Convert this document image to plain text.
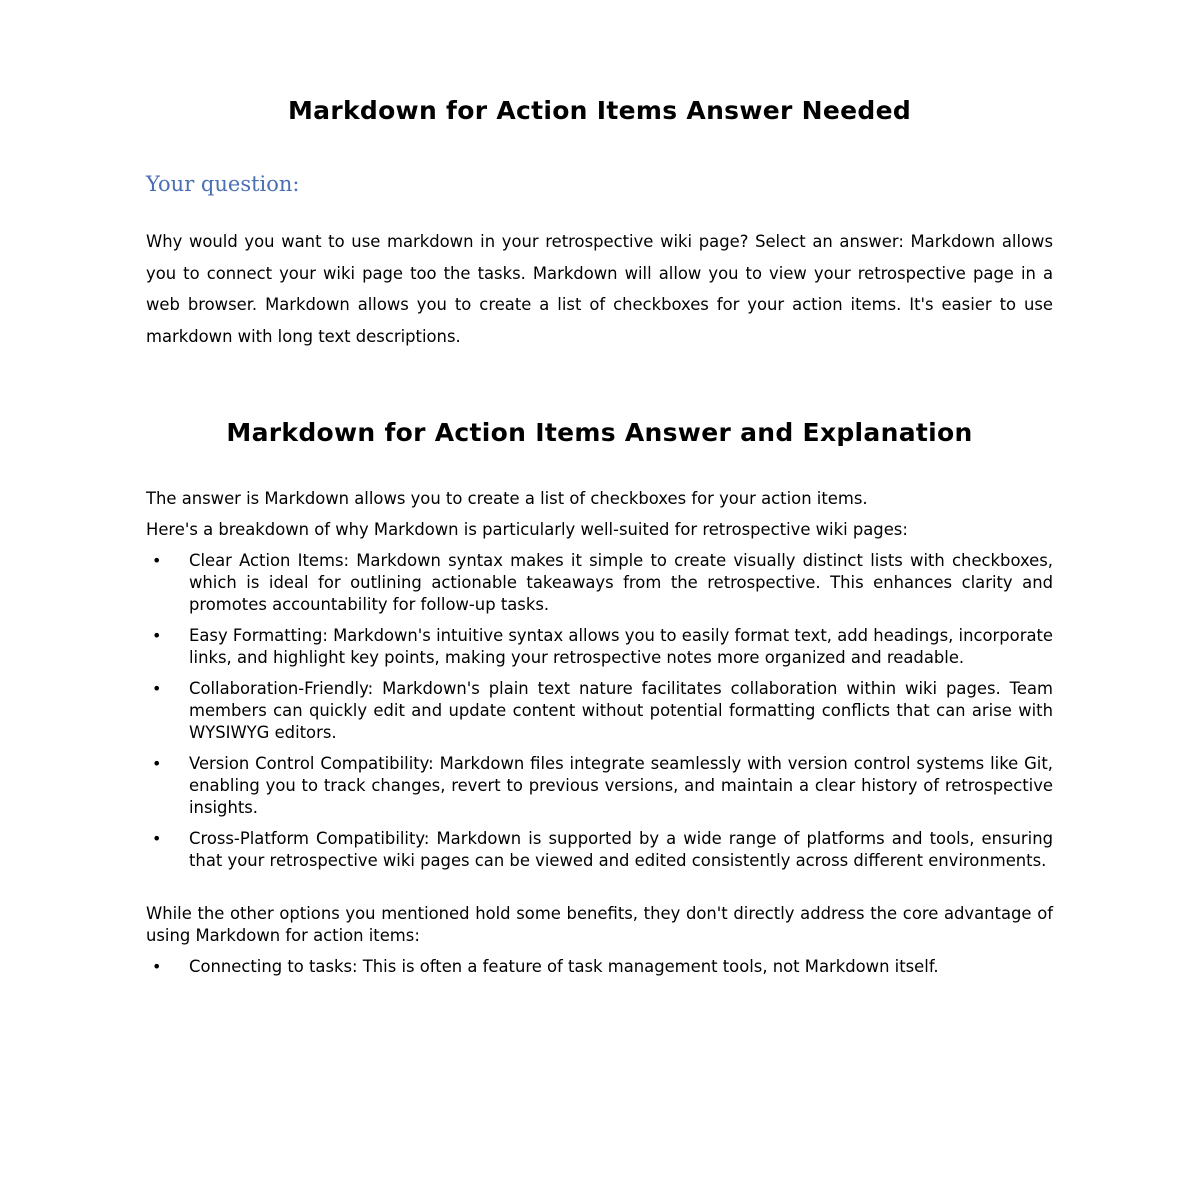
Markdown for Action Items Answer Needed
Your question:

Why would you want to use markdown in your retrospective wiki page? Select an answer: Markdown allows you to connect your wiki page too the tasks. Markdown will allow you to view your retrospective page in a web browser. Markdown allows you to create a list of checkboxes for your action items. It's easier to use markdown with long text descriptions.

Markdown for Action Items Answer and Explanation

The answer is Markdown allows you to create a list of checkboxes for your action items.

Here's a breakdown of why Markdown is particularly well-suited for retrospective wiki pages:

• Clear Action Items: Markdown syntax makes it simple to create visually distinct lists with checkboxes, which is ideal for outlining actionable takeaways from the retrospective. This enhances clarity and promotes accountability for follow-up tasks.
• Easy Formatting: Markdown's intuitive syntax allows you to easily format text, add headings, incorporate links, and highlight key points, making your retrospective notes more organized and readable.
• Collaboration-Friendly: Markdown's plain text nature facilitates collaboration within wiki pages. Team members can quickly edit and update content without potential formatting conflicts that can arise with WYSIWYG editors.
• Version Control Compatibility: Markdown files integrate seamlessly with version control systems like Git, enabling you to track changes, revert to previous versions, and maintain a clear history of retrospective insights.
• Cross-Platform Compatibility: Markdown is supported by a wide range of platforms and tools, ensuring that your retrospective wiki pages can be viewed and edited consistently across different environments.

While the other options you mentioned hold some benefits, they don't directly address the core advantage of using Markdown for action items:

• Connecting to tasks: This is often a feature of task management tools, not Markdown itself.
